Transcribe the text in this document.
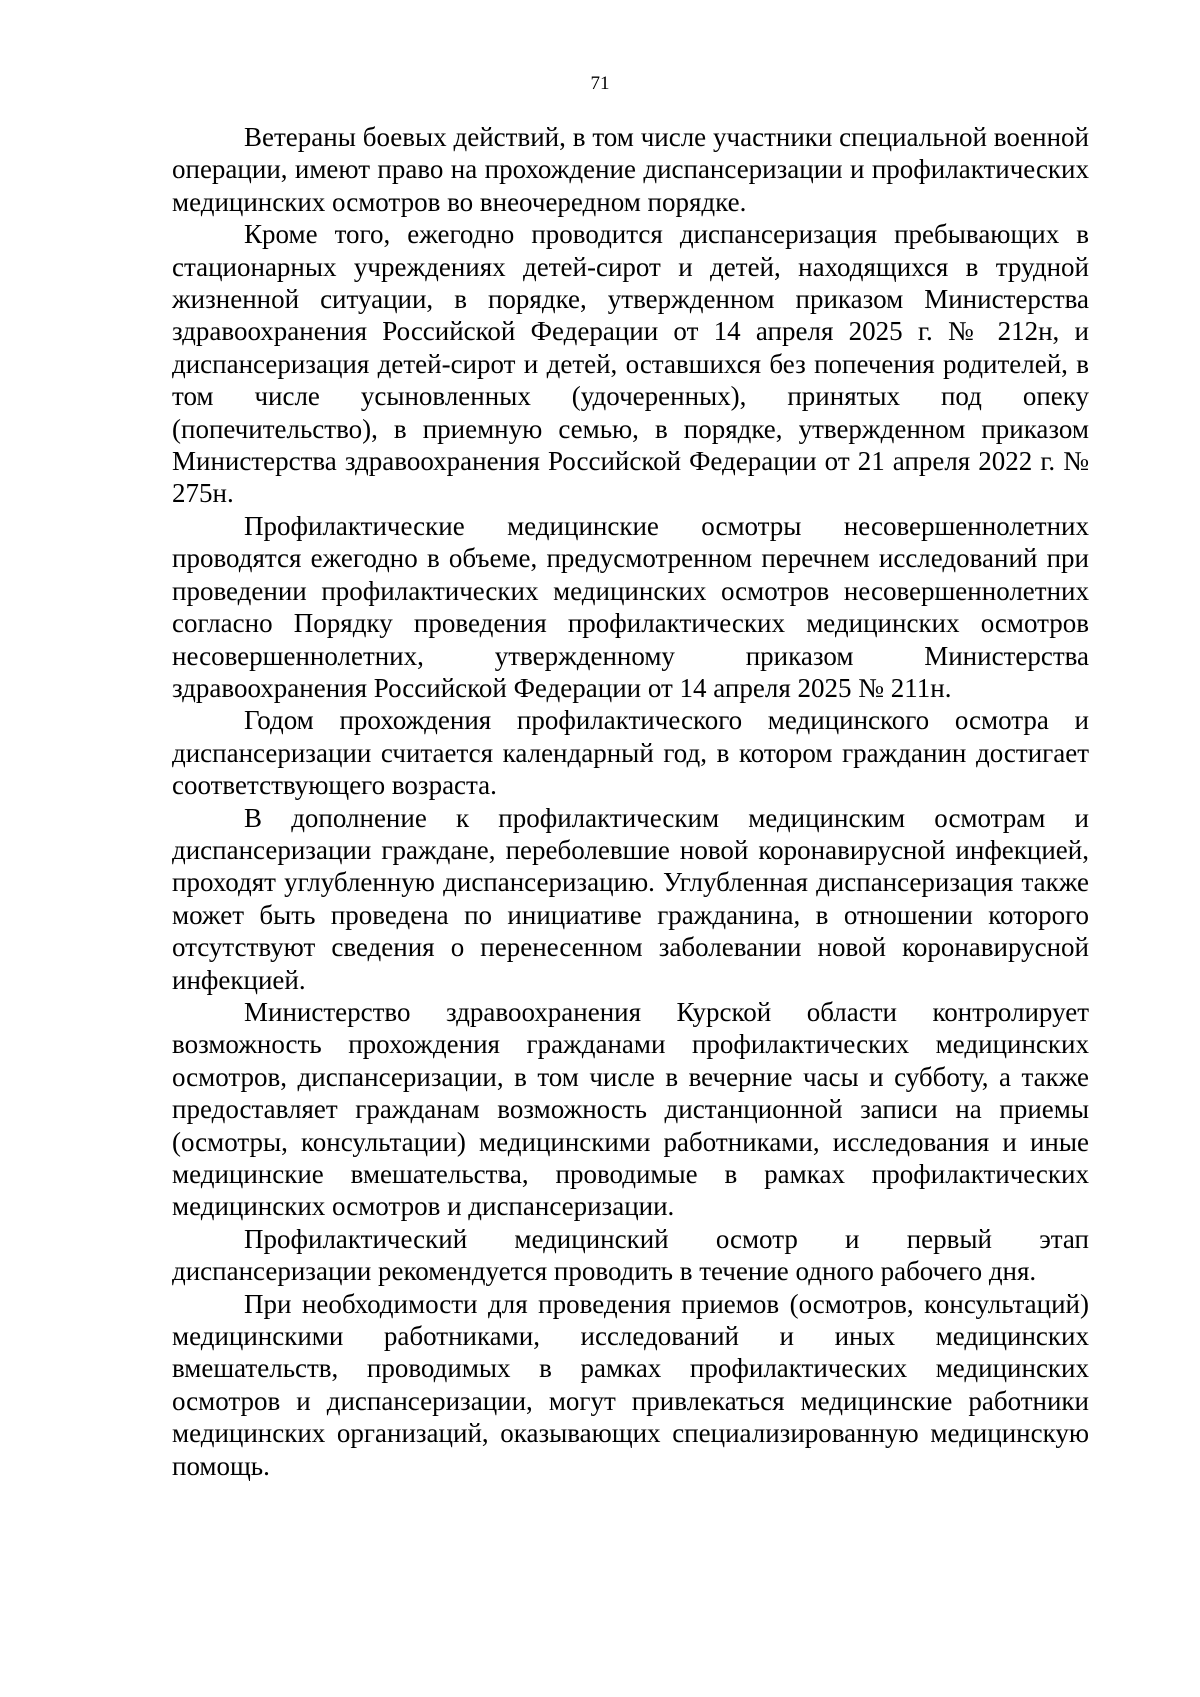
71

Ветераны боевых действий, в том числе участники специальной военной операции, имеют право на прохождение диспансеризации и профилактических медицинских осмотров во внеочередном порядке.

Кроме того, ежегодно проводится диспансеризация пребывающих в стационарных учреждениях детей-сирот и детей, находящихся в трудной жизненной ситуации, в порядке, утвержденном приказом Министерства здравоохранения Российской Федерации от 14 апреля 2025 г. № 212н, и диспансеризация детей-сирот и детей, оставшихся без попечения родителей, в том числе усыновленных (удочеренных), принятых под опеку (попечительство), в приемную семью, в порядке, утвержденном приказом Министерства здравоохранения Российской Федерации от 21 апреля 2022 г. № 275н.

Профилактические медицинские осмотры несовершеннолетних проводятся ежегодно в объеме, предусмотренном перечнем исследований при проведении профилактических медицинских осмотров несовершеннолетних согласно Порядку проведения профилактических медицинских осмотров несовершеннолетних, утвержденному приказом Министерства здравоохранения Российской Федерации от 14 апреля 2025 № 211н.

Годом прохождения профилактического медицинского осмотра и диспансеризации считается календарный год, в котором гражданин достигает соответствующего возраста.

В дополнение к профилактическим медицинским осмотрам и диспансеризации граждане, переболевшие новой коронавирусной инфекцией, проходят углубленную диспансеризацию. Углубленная диспансеризация также может быть проведена по инициативе гражданина, в отношении которого отсутствуют сведения о перенесенном заболевании новой коронавирусной инфекцией.

Министерство здравоохранения Курской области контролирует возможность прохождения гражданами профилактических медицинских осмотров, диспансеризации, в том числе в вечерние часы и субботу, а также предоставляет гражданам возможность дистанционной записи на приемы (осмотры, консультации) медицинскими работниками, исследования и иные медицинские вмешательства, проводимые в рамках профилактических медицинских осмотров и диспансеризации.

Профилактический медицинский осмотр и первый этап диспансеризации рекомендуется проводить в течение одного рабочего дня.

При необходимости для проведения приемов (осмотров, консультаций) медицинскими работниками, исследований и иных медицинских вмешательств, проводимых в рамках профилактических медицинских осмотров и диспансеризации, могут привлекаться медицинские работники медицинских организаций, оказывающих специализированную медицинскую помощь.
